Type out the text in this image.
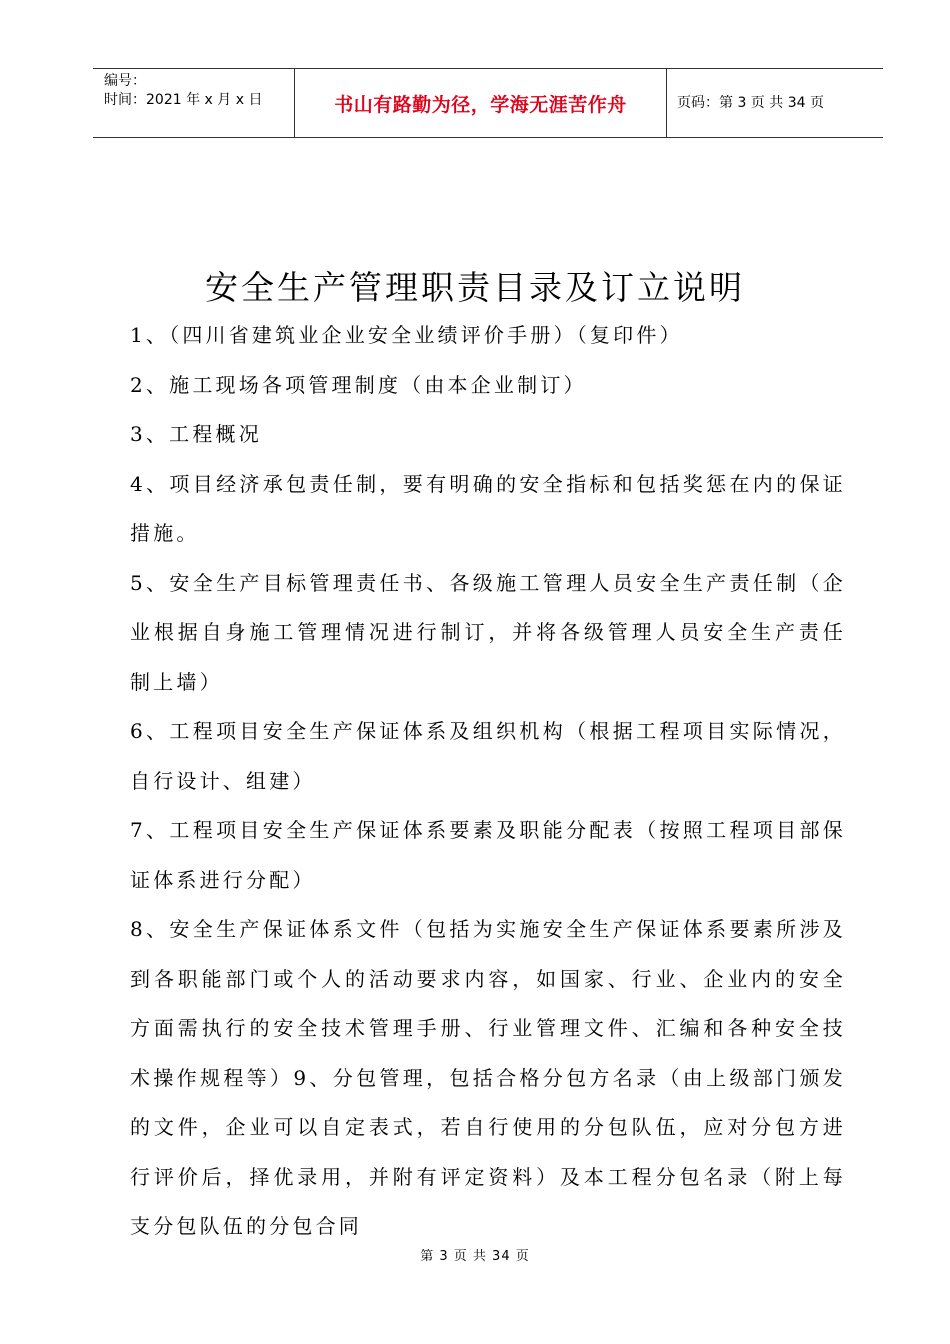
编号：
时间：2021 年 x 月 x 日	书山有路勤为径，学海无涯苦作舟	页码：第 3 页 共 34 页
安全生产管理职责目录及订立说明

1、（四川省建筑业企业安全业绩评价手册）（复印件）

2、施工现场各项管理制度（由本企业制订）

3、工程概况

4、项目经济承包责任制，要有明确的安全指标和包括奖惩在内的保证措施。

5、安全生产目标管理责任书、各级施工管理人员安全生产责任制（企业根据自身施工管理情况进行制订，并将各级管理人员安全生产责任制上墙）

6、工程项目安全生产保证体系及组织机构（根据工程项目实际情况，自行设计、组建）

7、工程项目安全生产保证体系要素及职能分配表（按照工程项目部保证体系进行分配）

8、安全生产保证体系文件（包括为实施安全生产保证体系要素所涉及到各职能部门或个人的活动要求内容，如国家、行业、企业内的安全方面需执行的安全技术管理手册、行业管理文件、汇编和各种安全技术操作规程等）9、分包管理，包括合格分包方名录（由上级部门颁发的文件，企业可以自定表式，若自行使用的分包队伍，应对分包方进行评价后，择优录用，并附有评定资料）及本工程分包名录（附上每支分包队伍的分包合同

第 3 页 共 34 页
